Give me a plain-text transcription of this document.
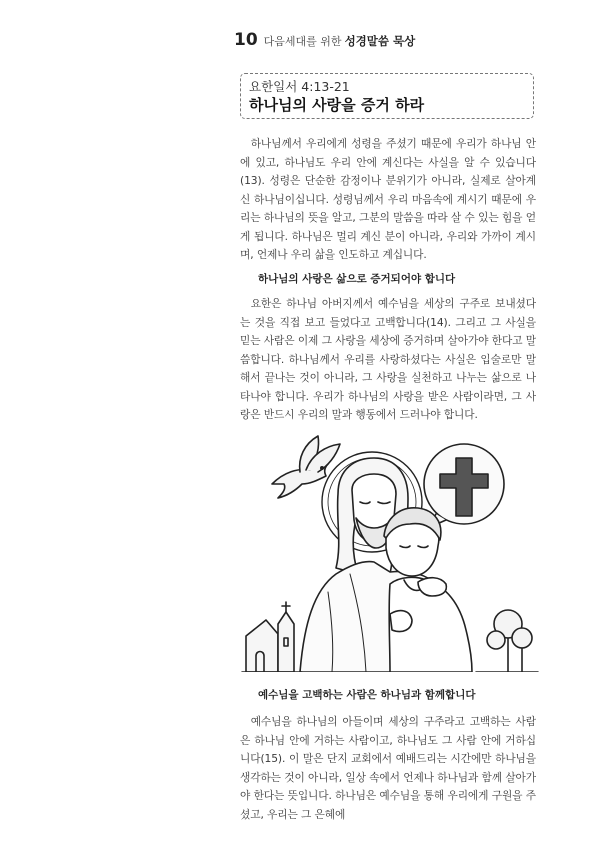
10 다음세대를 위한 성경말씀 묵상
요한일서 4:13-21
하나님의 사랑을 증거 하라

하나님께서 우리에게 성령을 주셨기 때문에 우리가 하나님 안에 있고, 하나님도 우리 안에 계신다는 사실을 알 수 있습니다(13). 성령은 단순한 감정이나 분위기가 아니라, 실제로 살아계신 하나님이십니다. 성령님께서 우리 마음속에 계시기 때문에 우리는 하나님의 뜻을 알고, 그분의 말씀을 따라 살 수 있는 힘을 얻게 됩니다. 하나님은 멀리 계신 분이 아니라, 우리와 가까이 계시며, 언제나 우리 삶을 인도하고 계십니다.

하나님의 사랑은 삶으로 증거되어야 합니다

요한은 하나님 아버지께서 예수님을 세상의 구주로 보내셨다는 것을 직접 보고 들었다고 고백합니다(14). 그리고 그 사실을 믿는 사람은 이제 그 사랑을 세상에 증거하며 살아가야 한다고 말씀합니다. 하나님께서 우리를 사랑하셨다는 사실은 입술로만 말해서 끝나는 것이 아니라, 그 사랑을 실천하고 나누는 삶으로 나타나야 합니다. 우리가 하나님의 사랑을 받은 사람이라면, 그 사랑은 반드시 우리의 말과 행동에서 드러나야 합니다.

예수님을 고백하는 사람은 하나님과 함께합니다

예수님을 하나님의 아들이며 세상의 구주라고 고백하는 사람은 하나님 안에 거하는 사람이고, 하나님도 그 사람 안에 거하십니다(15). 이 말은 단지 교회에서 예배드리는 시간에만 하나님을 생각하는 것이 아니라, 일상 속에서 언제나 하나님과 함께 살아가야 한다는 뜻입니다. 하나님은 예수님을 통해 우리에게 구원을 주셨고, 우리는 그 은혜에
